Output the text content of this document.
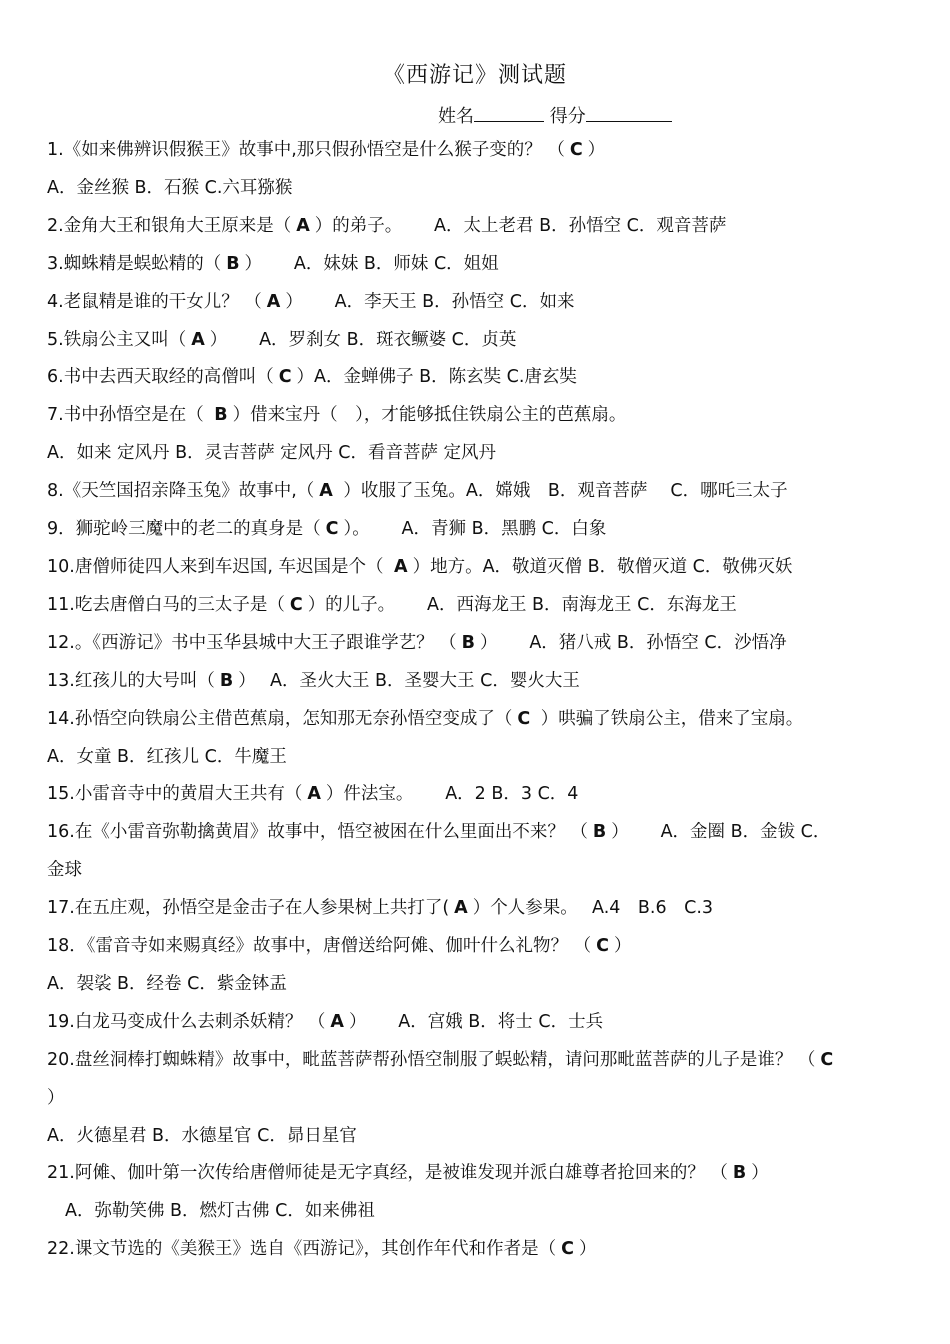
《西游记》测试题
姓名	得分
1.《如来佛辨识假猴王》故事中,那只假孙悟空是什么猴子变的？ （ C ）
A．金丝猴 B．石猴 C.六耳猕猴
2.金角大王和银角大王原来是（ A ）的弟子。　　 A．太上老君 B．孙悟空 C．观音菩萨
3.蜘蛛精是蜈蚣精的（ B ）　　 A．妹妹 B．师妹 C．姐姐
4.老鼠精是谁的干女儿？ （ A ）　　 A．李天王 B．孙悟空 C．如来
5.铁扇公主又叫（ A ）　　 A．罗刹女 B．斑衣鳜婆 C．贞英
6.书中去西天取经的高僧叫（ C ）A．金蝉佛子 B．陈玄奘 C.唐玄奘
7.书中孙悟空是在（ B ）借来宝丹（　），才能够抵住铁扇公主的芭蕉扇。
A．如来 定风丹 B．灵吉菩萨 定风丹 C．看音菩萨 定风丹
8.《天竺国招亲降玉兔》故事中,（ A ）收服了玉兔。A．嫦娥　B．观音菩萨　 C．哪吒三太子
9．狮驼岭三魔中的老二的真身是（ C ）。　　 A．青狮 B．黑鹏 C．白象
10.唐僧师徒四人来到车迟国, 车迟国是个（ A ）地方。A．敬道灭僧 B．敬僧灭道 C．敬佛灭妖
11.吃去唐僧白马的三太子是（ C ）的儿子。　　 A．西海龙王 B．南海龙王 C．东海龙王
12.。《西游记》书中玉华县城中大王子跟谁学艺？ （ B ）　　 A．猪八戒 B．孙悟空 C．沙悟净
13.红孩儿的大号叫（ B ）　 A．圣火大王 B．圣婴大王 C．婴火大王
14.孙悟空向铁扇公主借芭蕉扇，怎知那无奈孙悟空变成了（ C ）哄骗了铁扇公主，借来了宝扇。
A．女童 B．红孩儿 C．牛魔王
15.小雷音寺中的黄眉大王共有（ A ）件法宝。　　 A．2 B．3 C．4
16.在《小雷音弥勒擒黄眉》故事中，悟空被困在什么里面出不来？ （ B ）　　 A．金圈 B．金钹 C．
金球
17.在五庄观，孙悟空是金击子在人参果树上共打了( A ）个人参果。　 A.4　B.6　C.3
18．《雷音寺如来赐真经》故事中，唐僧送给阿傩、伽叶什么礼物？ （ C ）
A．袈裟 B．经卷 C．紫金钵盂
19.白龙马变成什么去刺杀妖精？ （ A ）　　 A．宫娥 B．将士 C．士兵
20.盘丝洞棒打蜘蛛精》故事中，毗蓝菩萨帮孙悟空制服了蜈蚣精，请问那毗蓝菩萨的儿子是谁？ （ C
）
A．火德星君 B．水德星官 C．昴日星官
21.阿傩、伽叶第一次传给唐僧师徒是无字真经，是被谁发现并派白雄尊者抢回来的？ （ B ）
A．弥勒笑佛 B．燃灯古佛 C．如来佛祖
22.课文节选的《美猴王》选自《西游记》，其创作年代和作者是（ C ）
